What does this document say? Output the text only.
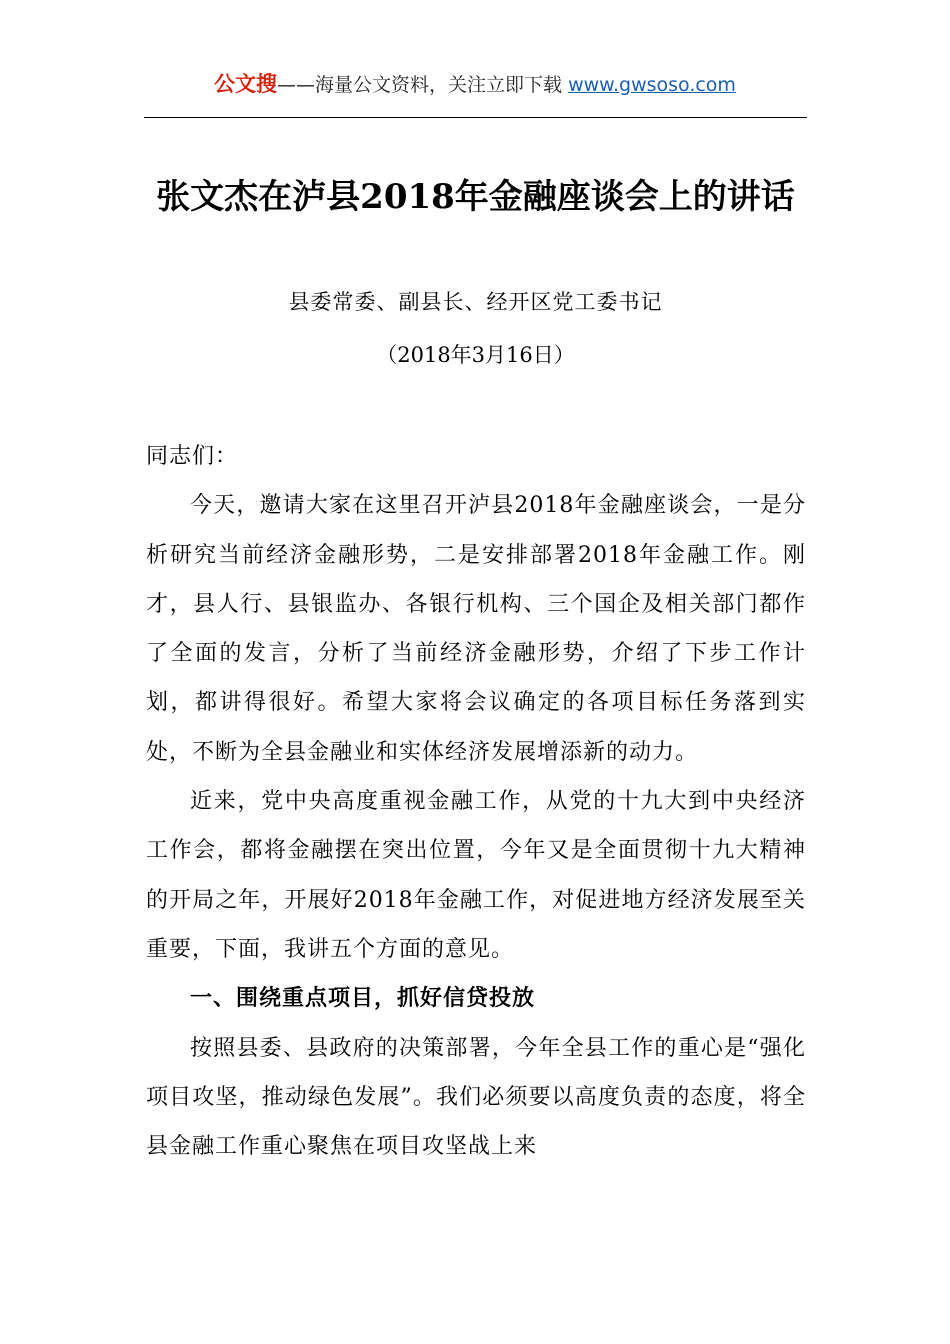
公文搜——海量公文资料，关注立即下载 www.gwsoso.com
张文杰在泸县2018年金融座谈会上的讲话
县委常委、副县长、经开区党工委书记
（2018年3月16日）

同志们：

今天，邀请大家在这里召开泸县2018年金融座谈会，一是分析研究当前经济金融形势，二是安排部署2018年金融工作。刚才，县人行、县银监办、各银行机构、三个国企及相关部门都作了全面的发言，分析了当前经济金融形势，介绍了下步工作计划，都讲得很好。希望大家将会议确定的各项目标任务落到实处，不断为全县金融业和实体经济发展增添新的动力。

近来，党中央高度重视金融工作，从党的十九大到中央经济工作会，都将金融摆在突出位置，今年又是全面贯彻十九大精神的开局之年，开展好2018年金融工作，对促进地方经济发展至关重要，下面，我讲五个方面的意见。

一、围绕重点项目，抓好信贷投放

按照县委、县政府的决策部署，今年全县工作的重心是“强化项目攻坚，推动绿色发展”。我们必须要以高度负责的态度，将全县金融工作重心聚焦在项目攻坚战上来
